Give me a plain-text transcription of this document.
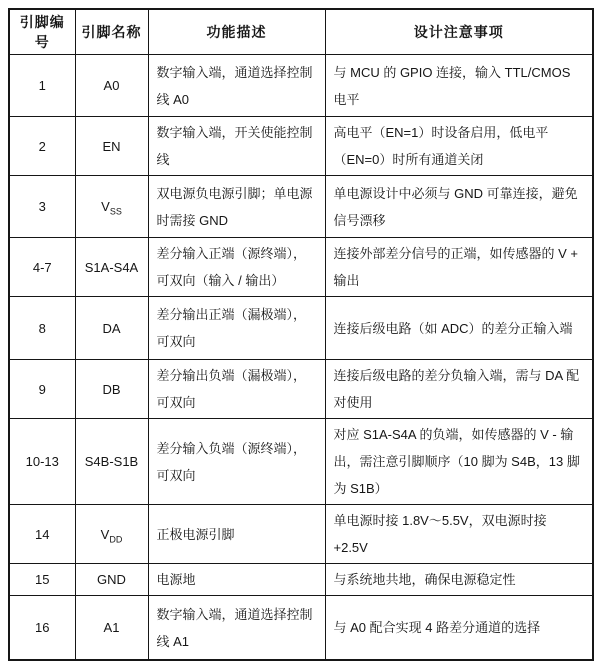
引脚编号	引脚名称	功能描述	设计注意事项
1	A0	数字输入端，通道选择控制线 A0	与 MCU 的 GPIO 连接，输入 TTL/CMOS 电平
2	EN	数字输入端，开关使能控制线	高电平（EN=1）时设备启用，低电平（EN=0）时所有通道关闭
3	$V_{SS}$	双电源负电源引脚；单电源时需接 GND	单电源设计中必须与 GND 可靠连接，避免信号漂移
4-7	S1A-S4A	差分输入正端（源终端），可双向（输入 / 输出）	连接外部差分信号的正端，如传感器的 V + 输出
8	DA	差分输出正端（漏极端），可双向	连接后级电路（如 ADC）的差分正输入端
9	DB	差分输出负端（漏极端），可双向	连接后级电路的差分负输入端，需与 DA 配对使用
10-13	S4B-S1B	差分输入负端（源终端），可双向	对应 S1A-S4A 的负端，如传感器的 V - 输出，需注意引脚顺序（10 脚为 S4B，13 脚为 S1B）
14	$V_{DD}$	正极电源引脚	单电源时接 1.8V～5.5V，双电源时接 +2.5V
15	GND	电源地	与系统地共地，确保电源稳定性
16	A1	数字输入端，通道选择控制线 A1	与 A0 配合实现 4 路差分通道的选择
